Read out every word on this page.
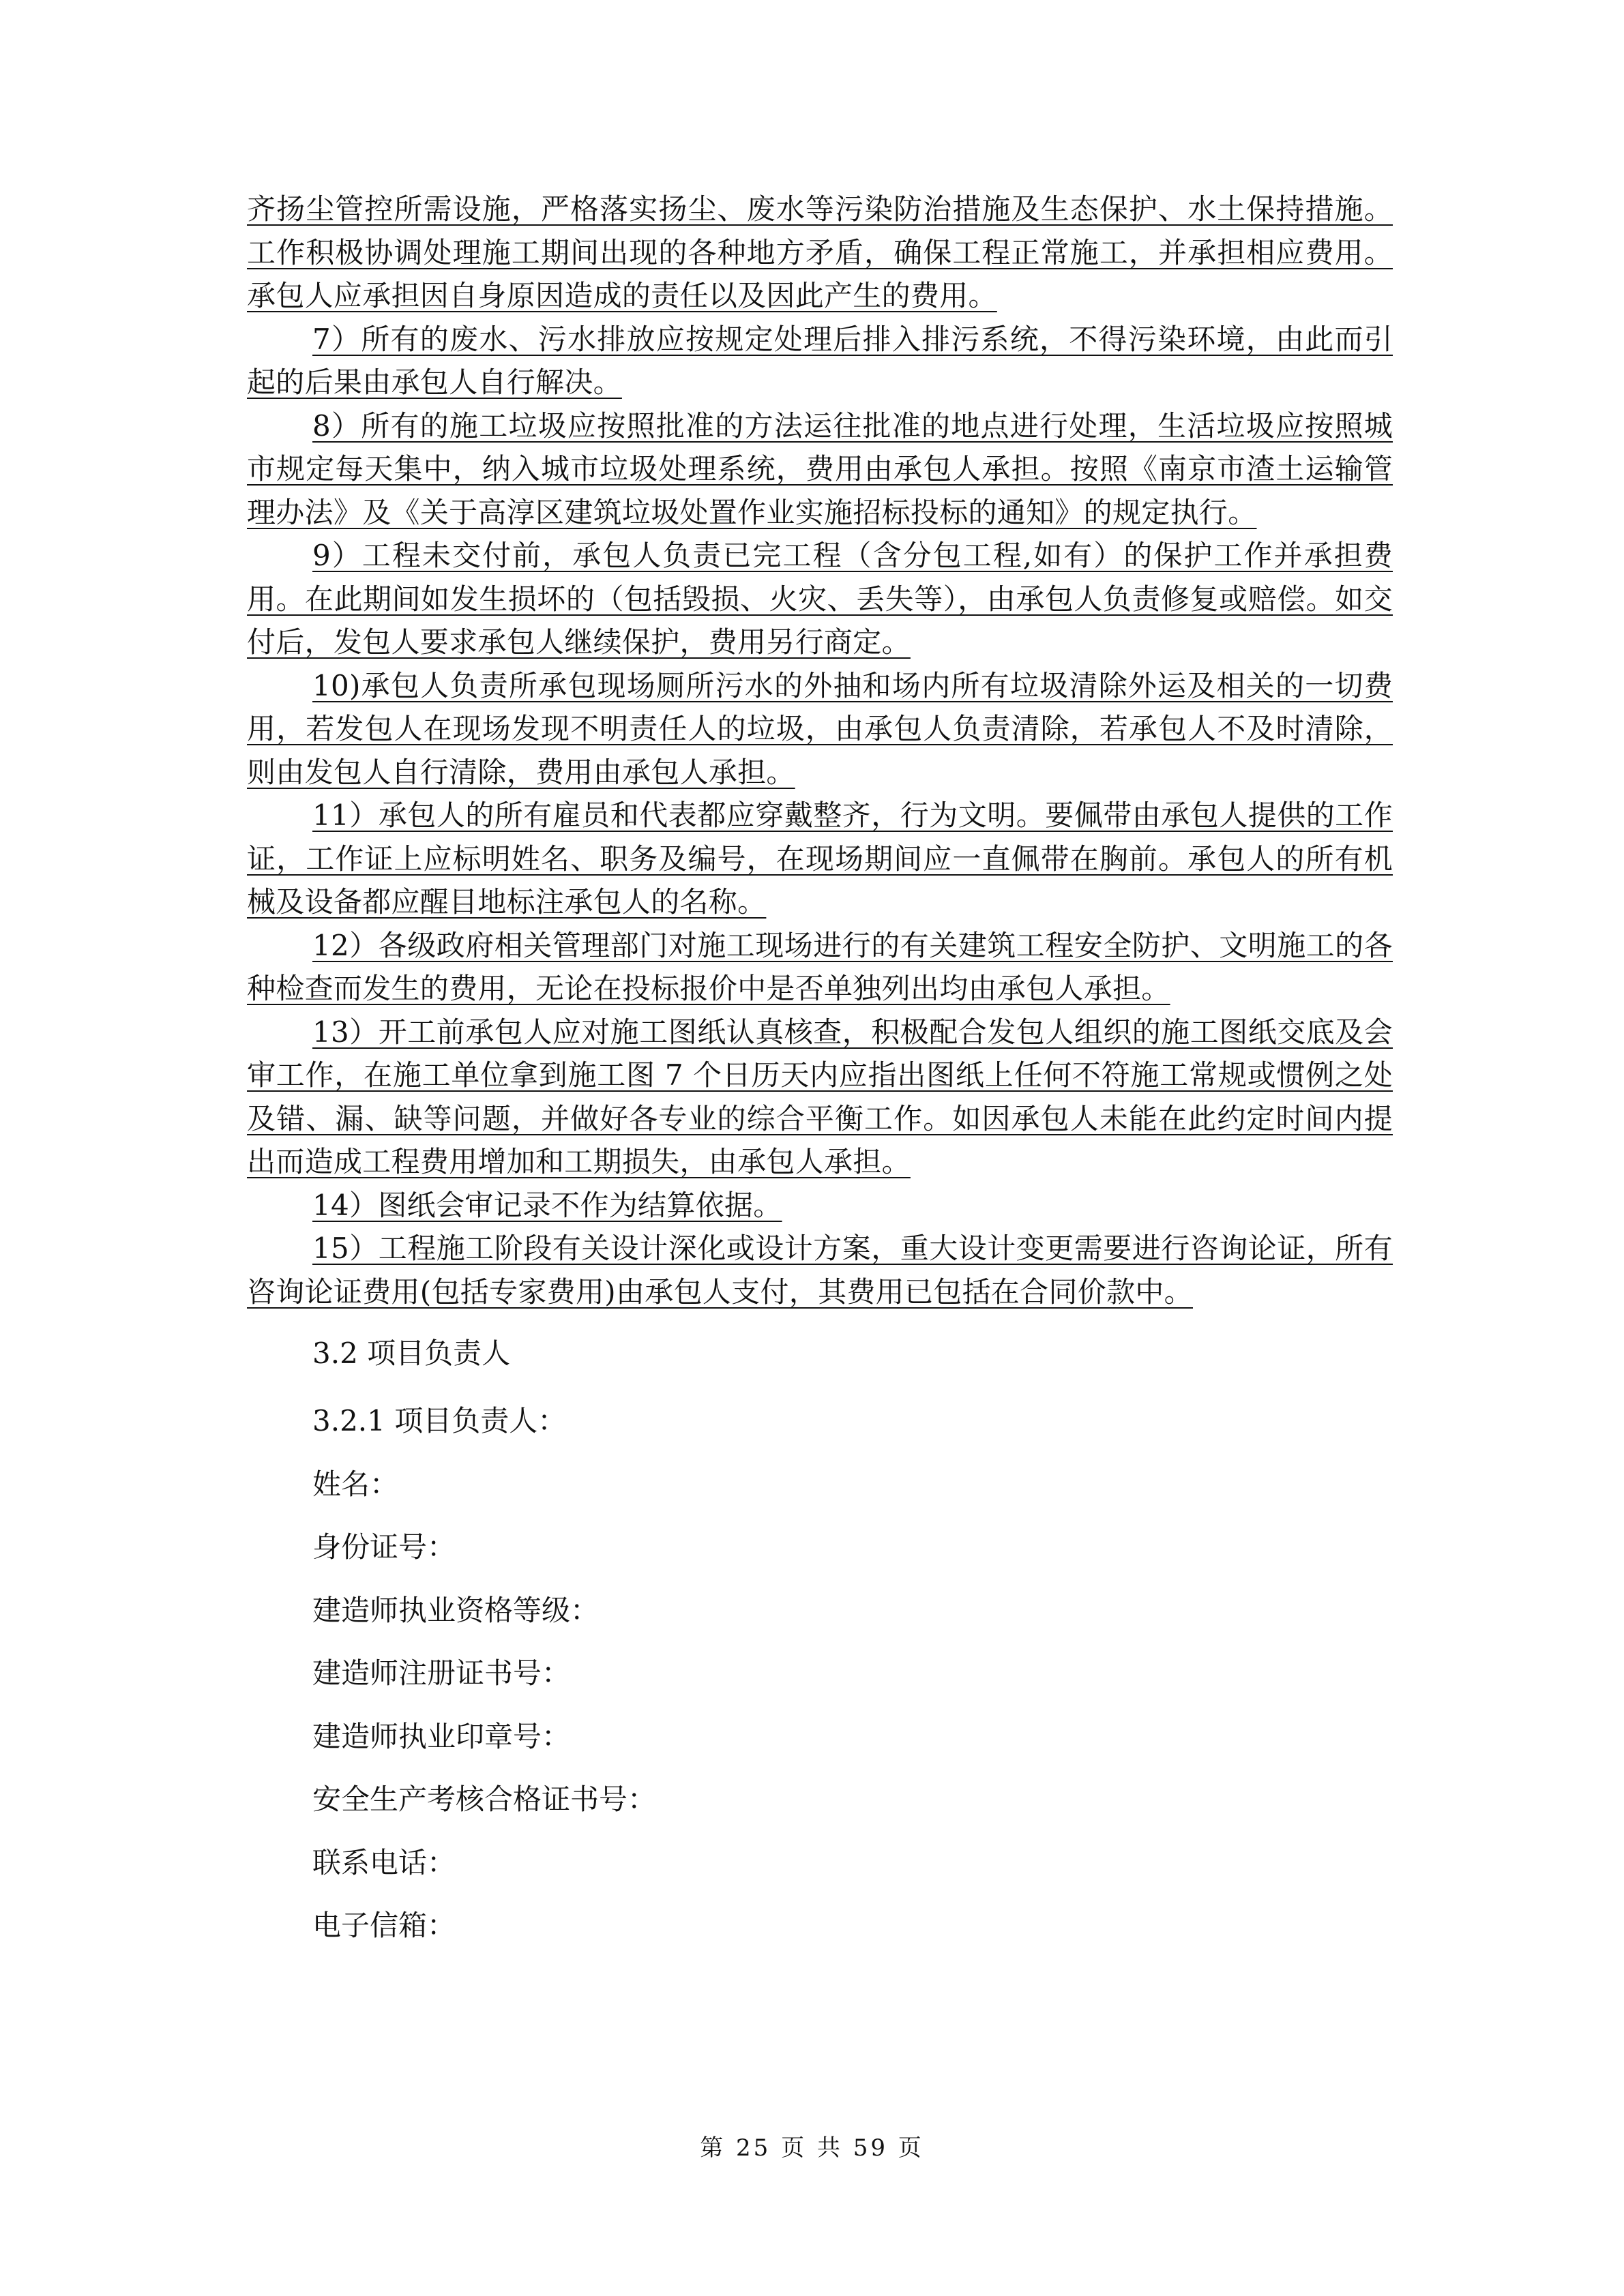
齐扬尘管控所需设施，严格落实扬尘、废水等污染防治措施及生态保护、水土保持措施。工作积极协调处理施工期间出现的各种地方矛盾，确保工程正常施工，并承担相应费用。承包人应承担因自身原因造成的责任以及因此产生的费用。

7）所有的废水、污水排放应按规定处理后排入排污系统，不得污染环境，由此而引起的后果由承包人自行解决。

8）所有的施工垃圾应按照批准的方法运往批准的地点进行处理，生活垃圾应按照城市规定每天集中，纳入城市垃圾处理系统，费用由承包人承担。按照《南京市渣土运输管理办法》及《关于高淳区建筑垃圾处置作业实施招标投标的通知》的规定执行。

9）工程未交付前，承包人负责已完工程（含分包工程,如有）的保护工作并承担费用。在此期间如发生损坏的（包括毁损、火灾、丢失等），由承包人负责修复或赔偿。如交付后，发包人要求承包人继续保护，费用另行商定。

10)承包人负责所承包现场厕所污水的外抽和场内所有垃圾清除外运及相关的一切费用，若发包人在现场发现不明责任人的垃圾，由承包人负责清除，若承包人不及时清除，则由发包人自行清除，费用由承包人承担。

11）承包人的所有雇员和代表都应穿戴整齐，行为文明。要佩带由承包人提供的工作证，工作证上应标明姓名、职务及编号，在现场期间应一直佩带在胸前。承包人的所有机械及设备都应醒目地标注承包人的名称。

12）各级政府相关管理部门对施工现场进行的有关建筑工程安全防护、文明施工的各种检查而发生的费用，无论在投标报价中是否单独列出均由承包人承担。

13）开工前承包人应对施工图纸认真核查，积极配合发包人组织的施工图纸交底及会审工作，在施工单位拿到施工图 7 个日历天内应指出图纸上任何不符施工常规或惯例之处及错、漏、缺等问题，并做好各专业的综合平衡工作。如因承包人未能在此约定时间内提出而造成工程费用增加和工期损失，由承包人承担。

14）图纸会审记录不作为结算依据。

15）工程施工阶段有关设计深化或设计方案，重大设计变更需要进行咨询论证，所有咨询论证费用(包括专家费用)由承包人支付，其费用已包括在合同价款中。

3.2 项目负责人

3.2.1 项目负责人：

姓名：

身份证号：

建造师执业资格等级：

建造师注册证书号：

建造师执业印章号：

安全生产考核合格证书号：

联系电话：

电子信箱：

第 25 页 共 59 页
